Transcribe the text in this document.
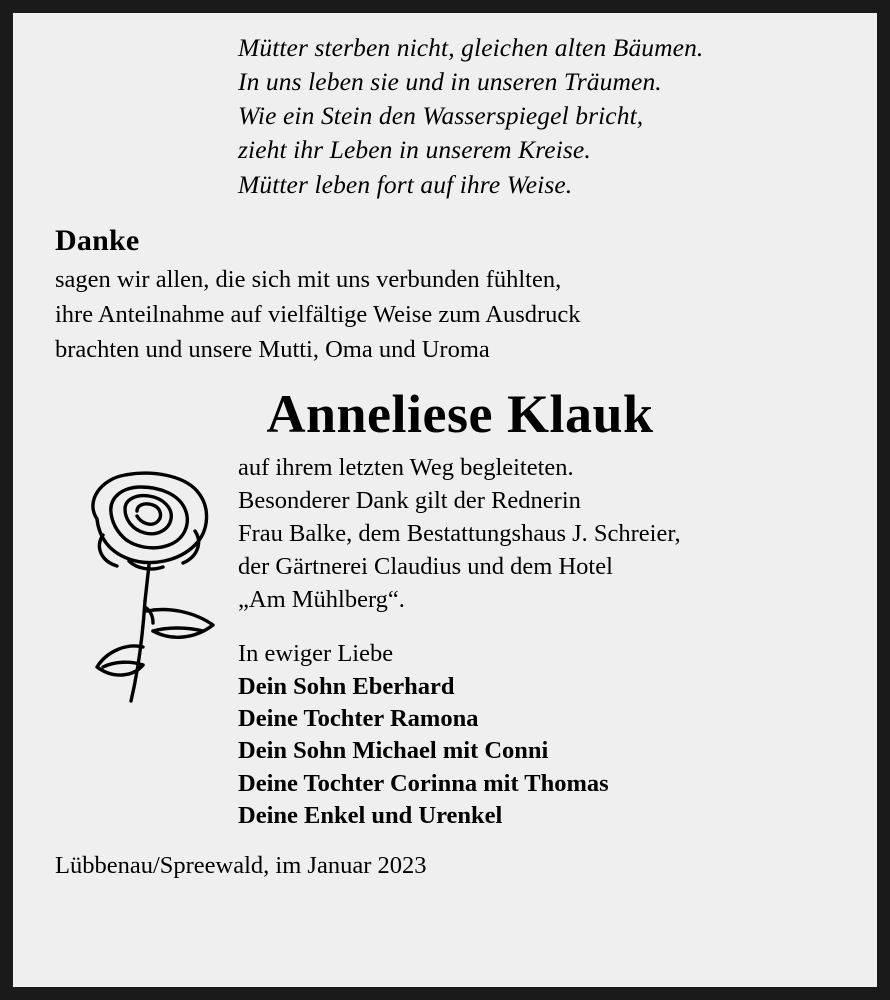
Mütter sterben nicht, gleichen alten Bäumen.
In uns leben sie und in unseren Träumen.
Wie ein Stein den Wasserspiegel bricht,
zieht ihr Leben in unserem Kreise.
Mütter leben fort auf ihre Weise.
Danke
sagen wir allen, die sich mit uns verbunden fühlten,
ihre Anteilnahme auf vielfältige Weise zum Ausdruck
brachten und unsere Mutti, Oma und Uroma
Anneliese Klauk
auf ihrem letzten Weg begleiteten.
Besonderer Dank gilt der Rednerin
Frau Balke, dem Bestattungshaus J. Schreier,
der Gärtnerei Claudius und dem Hotel
„Am Mühlberg“.
In ewiger Liebe
Dein Sohn Eberhard
Deine Tochter Ramona
Dein Sohn Michael mit Conni
Deine Tochter Corinna mit Thomas
Deine Enkel und Urenkel
Lübbenau/Spreewald, im Januar 2023
